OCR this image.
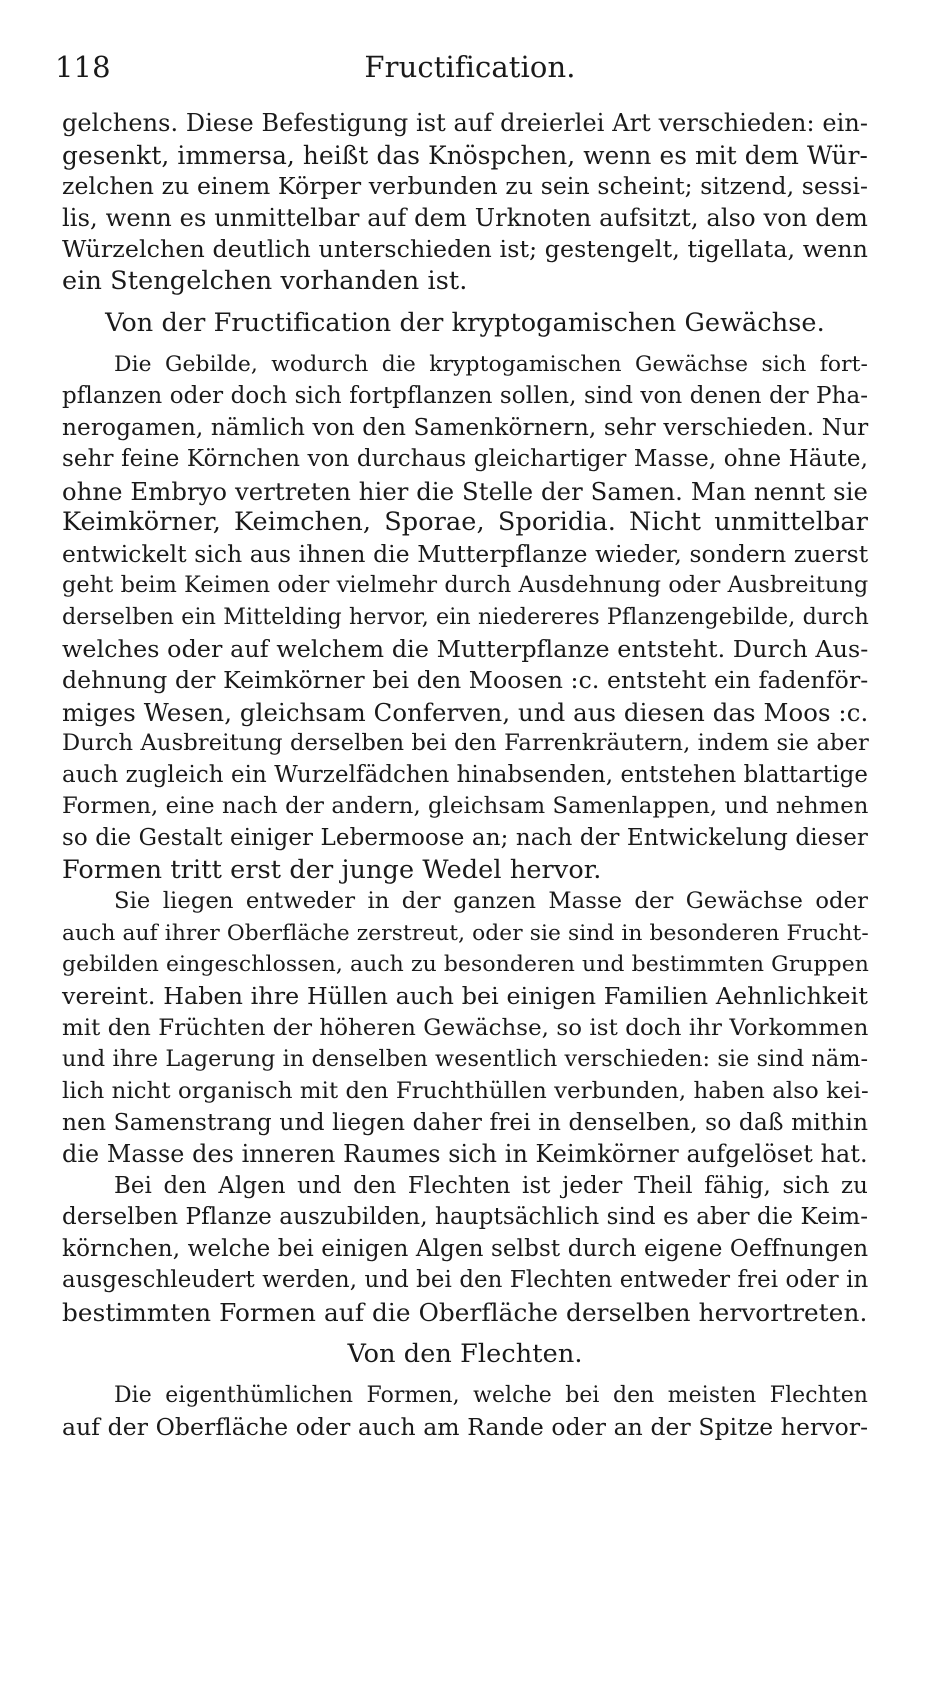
118	Fructification.
gelchens. Diese Befestigung ist auf dreierlei Art verschieden: ein-
gesenkt, immersa, heißt das Knöspchen, wenn es mit dem Wür-
zelchen zu einem Körper verbunden zu sein scheint; sitzend, sessi-
lis, wenn es unmittelbar auf dem Urknoten aufsitzt, also von dem
Würzelchen deutlich unterschieden ist; gestengelt, tigellata, wenn
ein Stengelchen vorhanden ist.
Von der Fructification der kryptogamischen Gewächse.
Die Gebilde, wodurch die kryptogamischen Gewächse sich fort-
pflanzen oder doch sich fortpflanzen sollen, sind von denen der Pha-
nerogamen, nämlich von den Samenkörnern, sehr verschieden. Nur
sehr feine Körnchen von durchaus gleichartiger Masse, ohne Häute,
ohne Embryo vertreten hier die Stelle der Samen. Man nennt sie
Keimkörner, Keimchen, Sporae, Sporidia. Nicht unmittelbar
entwickelt sich aus ihnen die Mutterpflanze wieder, sondern zuerst
geht beim Keimen oder vielmehr durch Ausdehnung oder Ausbreitung
derselben ein Mittelding hervor, ein niedereres Pflanzengebilde, durch
welches oder auf welchem die Mutterpflanze entsteht. Durch Aus-
dehnung der Keimkörner bei den Moosen :c. entsteht ein fadenför-
miges Wesen, gleichsam Conferven, und aus diesen das Moos :c.
Durch Ausbreitung derselben bei den Farrenkräutern, indem sie aber
auch zugleich ein Wurzelfädchen hinabsenden, entstehen blattartige
Formen, eine nach der andern, gleichsam Samenlappen, und nehmen
so die Gestalt einiger Lebermoose an; nach der Entwickelung dieser
Formen tritt erst der junge Wedel hervor.
Sie liegen entweder in der ganzen Masse der Gewächse oder
auch auf ihrer Oberfläche zerstreut, oder sie sind in besonderen Frucht-
gebilden eingeschlossen, auch zu besonderen und bestimmten Gruppen
vereint. Haben ihre Hüllen auch bei einigen Familien Aehnlichkeit
mit den Früchten der höheren Gewächse, so ist doch ihr Vorkommen
und ihre Lagerung in denselben wesentlich verschieden: sie sind näm-
lich nicht organisch mit den Fruchthüllen verbunden, haben also kei-
nen Samenstrang und liegen daher frei in denselben, so daß mithin
die Masse des inneren Raumes sich in Keimkörner aufgelöset hat.
Bei den Algen und den Flechten ist jeder Theil fähig, sich zu
derselben Pflanze auszubilden, hauptsächlich sind es aber die Keim-
körnchen, welche bei einigen Algen selbst durch eigene Oeffnungen
ausgeschleudert werden, und bei den Flechten entweder frei oder in
bestimmten Formen auf die Oberfläche derselben hervortreten.
Von den Flechten.
Die eigenthümlichen Formen, welche bei den meisten Flechten
auf der Oberfläche oder auch am Rande oder an der Spitze hervor-
